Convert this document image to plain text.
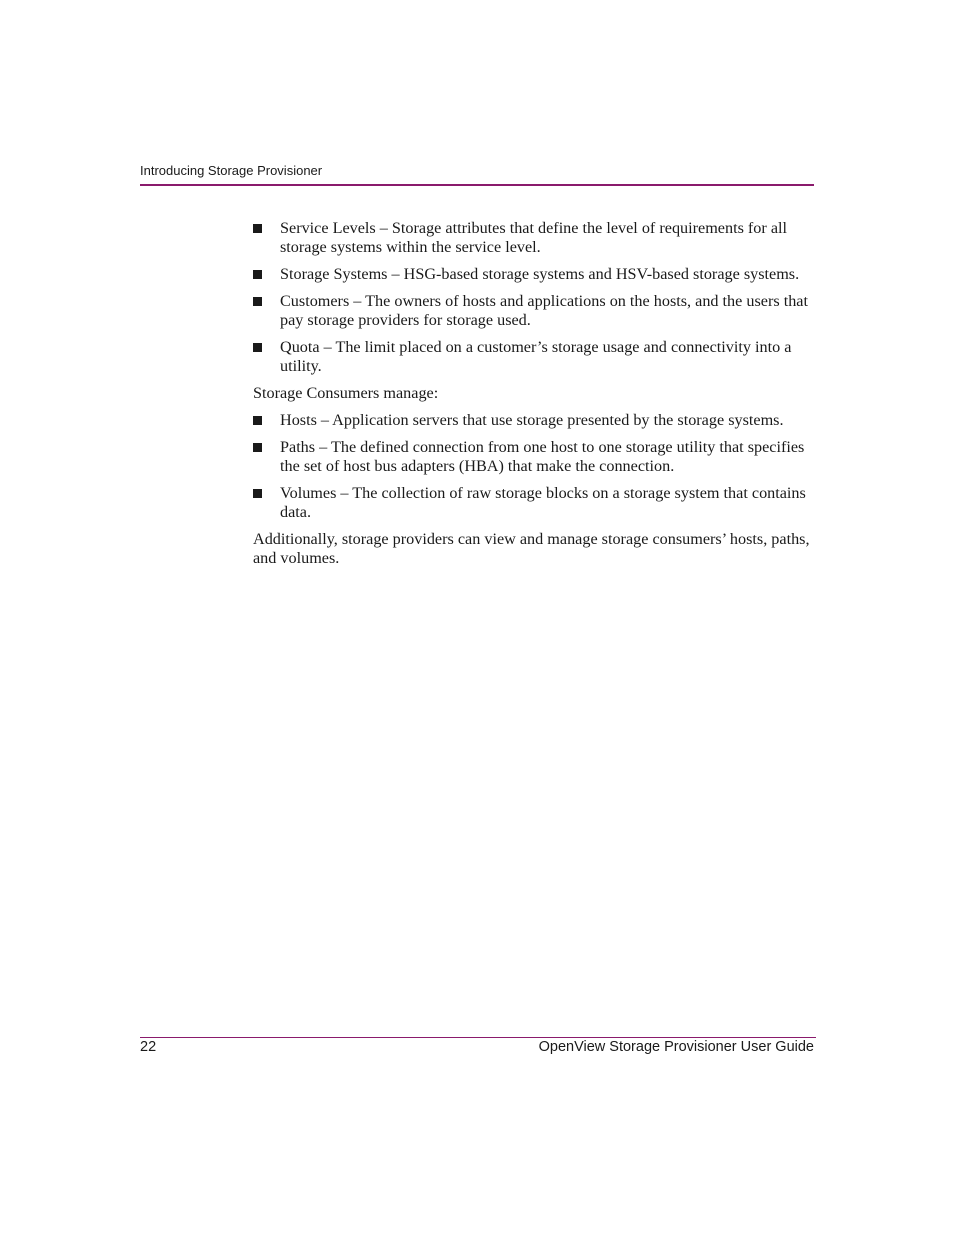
Introducing Storage Provisioner
Service Levels – Storage attributes that define the level of requirements for all storage systems within the service level.
Storage Systems – HSG-based storage systems and HSV-based storage systems.
Customers – The owners of hosts and applications on the hosts, and the users that pay storage providers for storage used.
Quota – The limit placed on a customer’s storage usage and connectivity into a utility.

Storage Consumers manage:

Hosts – Application servers that use storage presented by the storage systems.
Paths – The defined connection from one host to one storage utility that specifies the set of host bus adapters (HBA) that make the connection.
Volumes – The collection of raw storage blocks on a storage system that contains data.

Additionally, storage providers can view and manage storage consumers’ hosts, paths, and volumes.

22	OpenView Storage Provisioner User Guide
